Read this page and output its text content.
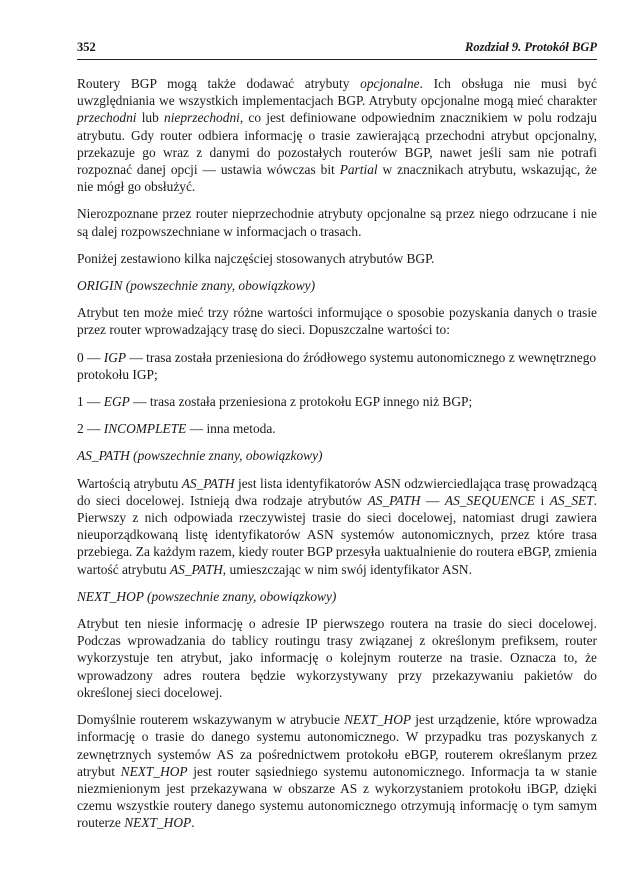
352	Rozdział 9. Protokół BGP

Routery BGP mogą także dodawać atrybuty opcjonalne. Ich obsługa nie musi być uwzględniania we wszystkich implementacjach BGP. Atrybuty opcjonalne mogą mieć charakter przechodni lub nieprzechodni, co jest definiowane odpowiednim znacznikiem w polu rodzaju atrybutu. Gdy router odbiera informację o trasie zawierającą przechodni atrybut opcjonalny, przekazuje go wraz z danymi do pozostałych routerów BGP, nawet jeśli sam nie potrafi rozpoznać danej opcji — ustawia wówczas bit Partial w znacznikach atrybutu, wskazując, że nie mógł go obsłużyć.

Nierozpoznane przez router nieprzechodnie atrybuty opcjonalne są przez niego odrzucane i nie są dalej rozpowszechniane w informacjach o trasach.

Poniżej zestawiono kilka najczęściej stosowanych atrybutów BGP.

ORIGIN (powszechnie znany, obowiązkowy)

Atrybut ten może mieć trzy różne wartości informujące o sposobie pozyskania danych o trasie przez router wprowadzający trasę do sieci. Dopuszczalne wartości to:

0 — IGP — trasa została przeniesiona do źródłowego systemu autonomicznego z wewnętrznego protokołu IGP;

1 — EGP — trasa została przeniesiona z protokołu EGP innego niż BGP;

2 — INCOMPLETE — inna metoda.

AS_PATH (powszechnie znany, obowiązkowy)

Wartością atrybutu AS_PATH jest lista identyfikatorów ASN odzwierciedlająca trasę prowadzącą do sieci docelowej. Istnieją dwa rodzaje atrybutów AS_PATH — AS_SEQUENCE i AS_SET. Pierwszy z nich odpowiada rzeczywistej trasie do sieci docelowej, natomiast drugi zawiera nieuporządkowaną listę identyfikatorów ASN systemów autonomicznych, przez które trasa przebiega. Za każdym razem, kiedy router BGP przesyła uaktualnienie do routera eBGP, zmienia wartość atrybutu AS_PATH, umieszczając w nim swój identyfikator ASN.

NEXT_HOP (powszechnie znany, obowiązkowy)

Atrybut ten niesie informację o adresie IP pierwszego routera na trasie do sieci docelowej. Podczas wprowadzania do tablicy routingu trasy związanej z określonym prefiksem, router wykorzystuje ten atrybut, jako informację o kolejnym routerze na trasie. Oznacza to, że wprowadzony adres routera będzie wykorzystywany przy przekazywaniu pakietów do określonej sieci docelowej.

Domyślnie routerem wskazywanym w atrybucie NEXT_HOP jest urządzenie, które wprowadza informację o trasie do danego systemu autonomicznego. W przypadku tras pozyskanych z zewnętrznych systemów AS za pośrednictwem protokołu eBGP, routerem określanym przez atrybut NEXT_HOP jest router sąsiedniego systemu autonomicznego. Informacja ta w stanie niezmienionym jest przekazywana w obszarze AS z wykorzystaniem protokołu iBGP, dzięki czemu wszystkie routery danego systemu autonomicznego otrzymują informację o tym samym routerze NEXT_HOP.
